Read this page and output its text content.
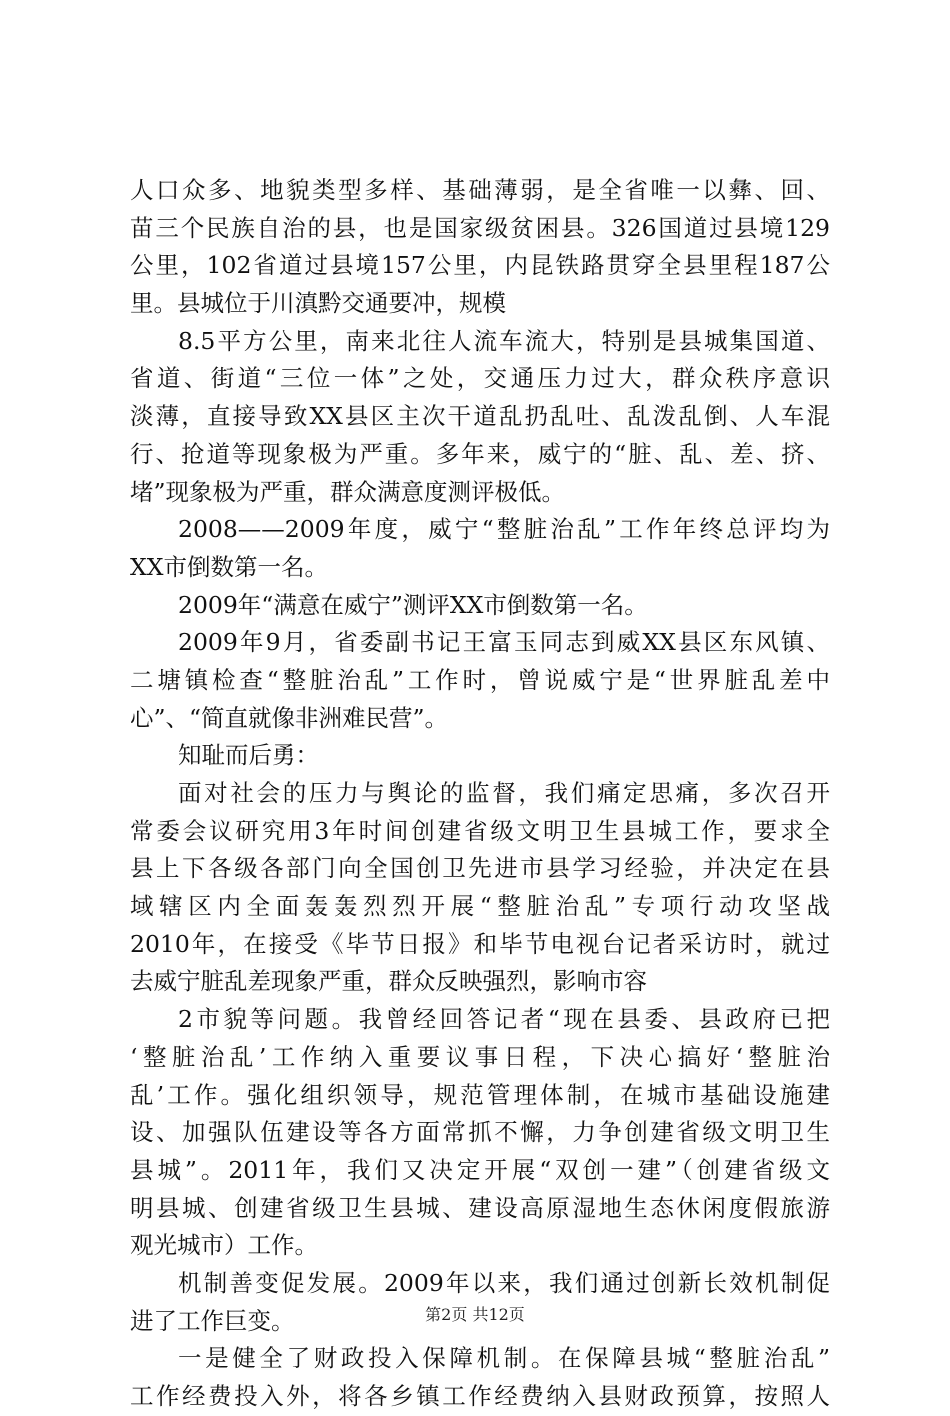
人口众多、地貌类型多样、基础薄弱，是全省唯一以彝、回、
苗三个民族自治的县，也是国家级贫困县。326国道过县境129
公里，102省道过县境157公里，内昆铁路贯穿全县里程187公
里。县城位于川滇黔交通要冲，规模
8.5平方公里，南来北往人流车流大，特别是县城集国道、
省道、街道“三位一体”之处，交通压力过大，群众秩序意识
淡薄，直接导致XX县区主次干道乱扔乱吐、乱泼乱倒、人车混
行、抢道等现象极为严重。多年来，威宁的“脏、乱、差、挤、
堵”现象极为严重，群众满意度测评极低。
2008——2009年度，威宁“整脏治乱”工作年终总评均为
XX市倒数第一名。
2009年“满意在威宁”测评XX市倒数第一名。
2009年9月，省委副书记王富玉同志到威XX县区东风镇、
二塘镇检查“整脏治乱”工作时，曾说威宁是“世界脏乱差中
心”、“简直就像非洲难民营”。
知耻而后勇：
面对社会的压力与舆论的监督，我们痛定思痛，多次召开
常委会议研究用3年时间创建省级文明卫生县城工作，要求全
县上下各级各部门向全国创卫先进市县学习经验，并决定在县
域辖区内全面轰轰烈烈开展“整脏治乱”专项行动攻坚战
2010年，在接受《毕节日报》和毕节电视台记者采访时，就过
去威宁脏乱差现象严重，群众反映强烈，影响市容
2市貌等问题。我曾经回答记者“现在县委、县政府已把
‘整脏治乱’工作纳入重要议事日程，下决心搞好‘整脏治
乱’工作。强化组织领导，规范管理体制，在城市基础设施建
设、加强队伍建设等各方面常抓不懈，力争创建省级文明卫生
县城”。2011年，我们又决定开展“双创一建”（创建省级文
明县城、创建省级卫生县城、建设高原湿地生态休闲度假旅游
观光城市）工作。
机制善变促发展。2009年以来，我们通过创新长效机制促
进了工作巨变。
一是健全了财政投入保障机制。在保障县城“整脏治乱”
工作经费投入外，将各乡镇工作经费纳入县财政预算，按照人
第2页 共12页
